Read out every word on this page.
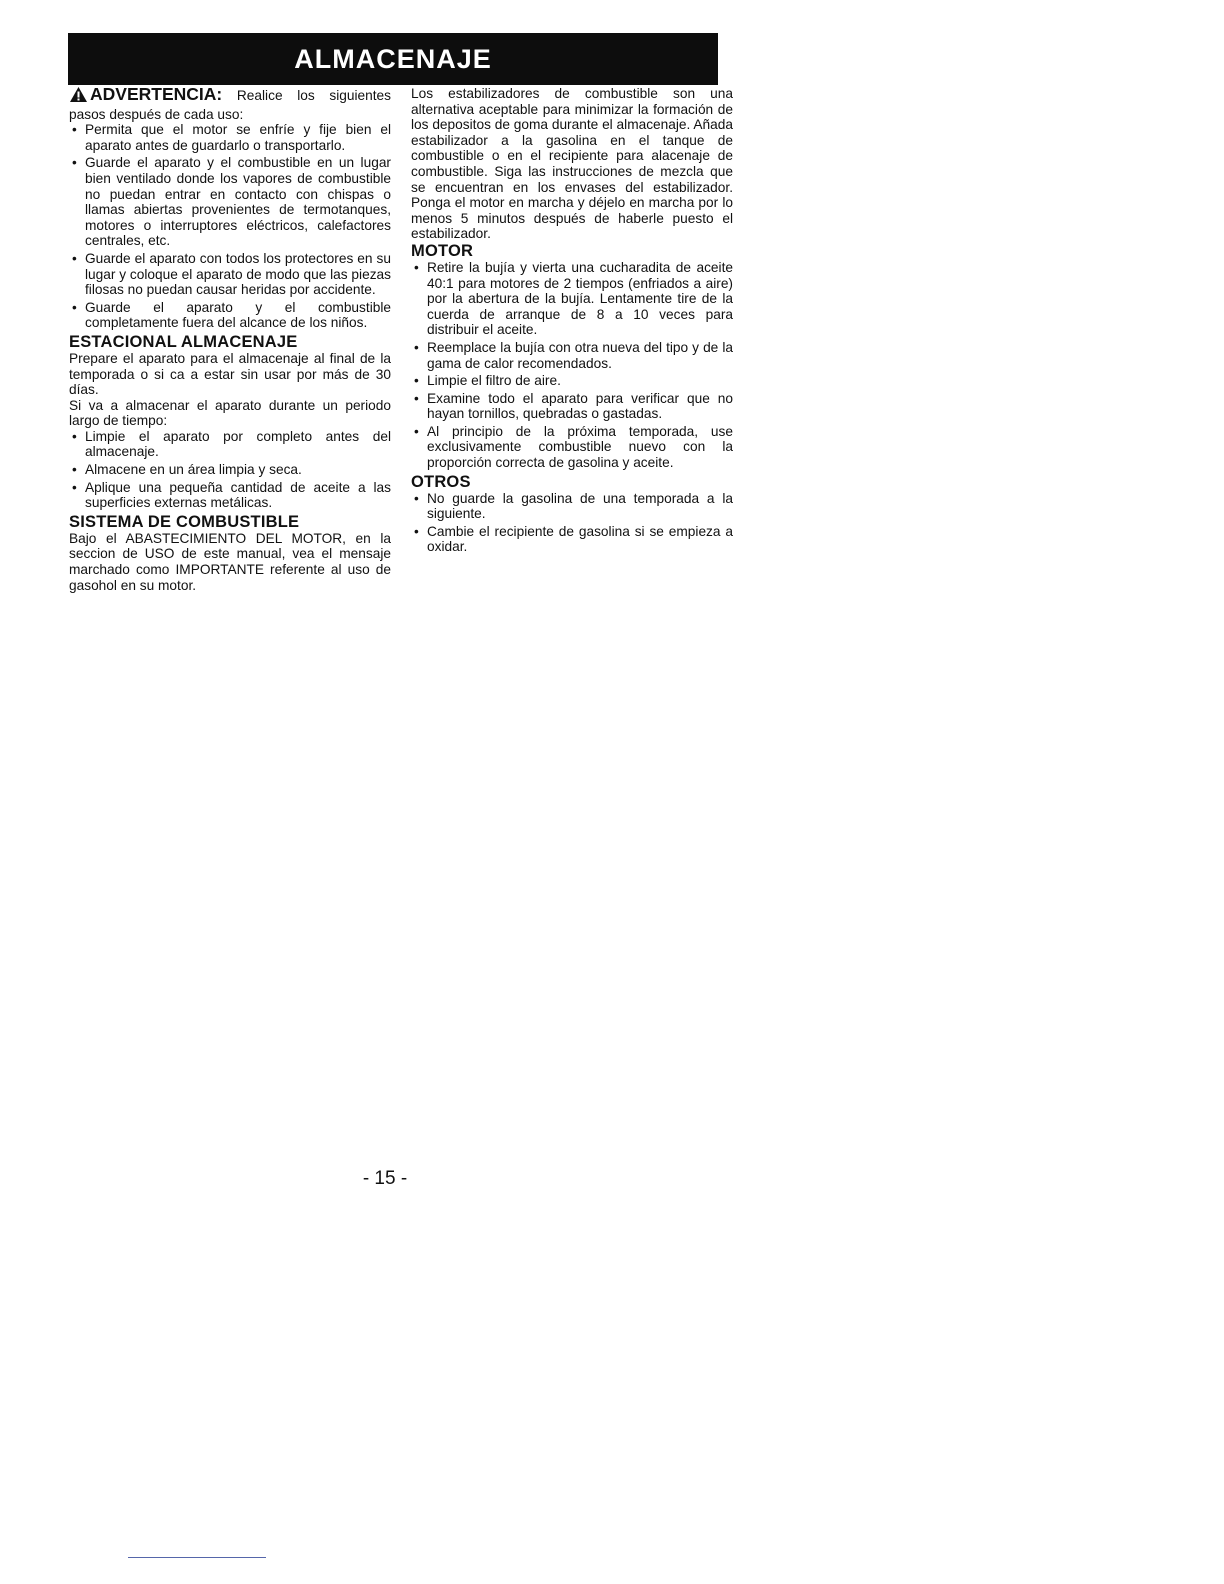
ALMACENAJE

ADVERTENCIA: Realice los siguientes pasos después de cada uso:

• Permita que el motor se enfríe y fije bien el aparato antes de guardarlo o transportarlo.
• Guarde el aparato y el combustible en un lugar bien ventilado donde los vapores de combustible no puedan entrar en contacto con chispas o llamas abiertas provenientes de termotanques, motores o interruptores eléctricos, calefactores centrales, etc.
• Guarde el aparato con todos los protectores en su lugar y coloque el aparato de modo que las piezas filosas no puedan causar heridas por accidente.
• Guarde el aparato y el combustible completamente fuera del alcance de los niños.
ESTACIONAL ALMACENAJE

Prepare el aparato para el almacenaje al final de la temporada o si ca a estar sin usar por más de 30 días.

Si va a almacenar el aparato durante un periodo largo de tiempo:

• Limpie el aparato por completo antes del almacenaje.
• Almacene en un área limpia y seca.
• Aplique una pequeña cantidad de aceite a las superficies externas metálicas.
SISTEMA DE COMBUSTIBLE

Bajo el ABASTECIMIENTO DEL MOTOR, en la seccion de USO de este manual, vea el mensaje marchado como IMPORTANTE referente al uso de gasohol en su motor.

Los estabilizadores de combustible son una alternativa aceptable para minimizar la formación de los depositos de goma durante el almacenaje. Añada estabilizador a la gasolina en el tanque de combustible o en el recipiente para alacenaje de combustible. Siga las instrucciones de mezcla que se encuentran en los envases del estabilizador. Ponga el motor en marcha y déjelo en marcha por lo menos 5 minutos después de haberle puesto el estabilizador.

MOTOR
• Retire la bujía y vierta una cucharadita de aceite 40:1 para motores de 2 tiempos (enfriados a aire) por la abertura de la bujía. Lentamente tire de la cuerda de arranque de 8 a 10 veces para distribuir el aceite.
• Reemplace la bujía con otra nueva del tipo y de la gama de calor recomendados.
• Limpie el filtro de aire.
• Examine todo el aparato para verificar que no hayan tornillos, quebradas o gastadas.
• Al principio de la próxima temporada, use exclusivamente combustible nuevo con la proporción correcta de gasolina y aceite.
OTROS
• No guarde la gasolina de una temporada a la siguiente.
• Cambie el recipiente de gasolina si se empieza a oxidar.
- 15 -
